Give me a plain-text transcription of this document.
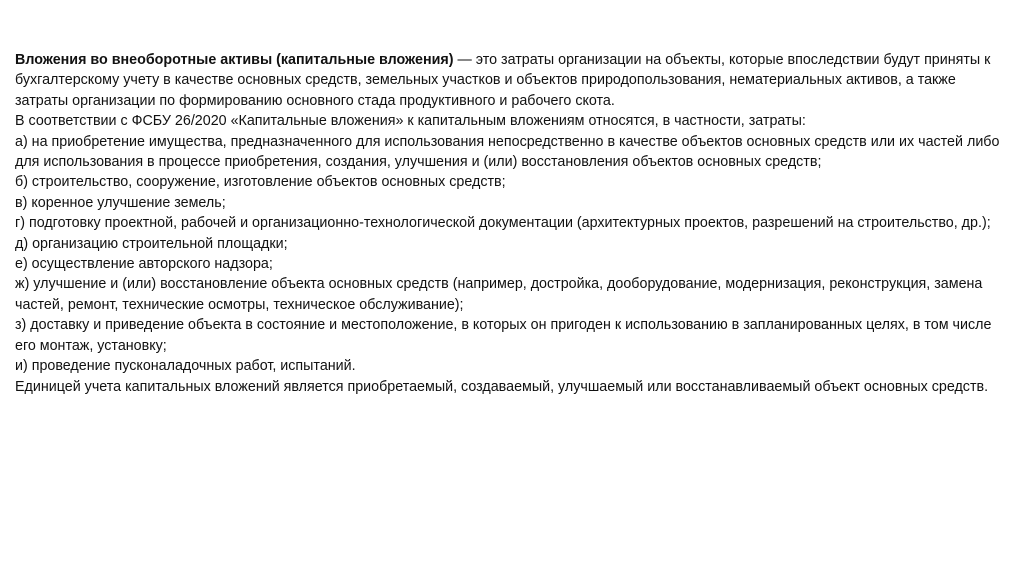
Вложения во внеоборотные активы (капитальные вложения) — это затраты организации на объекты, которые впоследствии будут приняты к бухгалтерскому учету в качестве основных средств, земельных участков и объектов природопользования, нематериальных активов, а также затраты организации по формированию основного стада продуктивного и рабочего скота.

В соответствии с ФСБУ 26/2020 «Капитальные вложения» к капитальным вложениям относятся, в частности, затраты:

а) на приобретение имущества, предназначенного для использования непосредственно в качестве объектов основных средств или их частей либо для использования в процессе приобретения, создания, улучшения и (или) восстановления объектов основных средств;

б) строительство, сооружение, изготовление объектов основных средств;

в) коренное улучшение земель;

г) подготовку проектной, рабочей и организационно-технологической документации (архитектурных проектов, разрешений на строительство, др.);

д) организацию строительной площадки;

е) осуществление авторского надзора;

ж) улучшение и (или) восстановление объекта основных средств (например, достройка, дооборудование, модернизация, реконструкция, замена частей, ремонт, технические осмотры, техническое обслуживание);

з) доставку и приведение объекта в состояние и местоположение, в которых он пригоден к использованию в запланированных целях, в том числе его монтаж, установку;

и) проведение пусконаладочных работ, испытаний.

Единицей учета капитальных вложений является приобретаемый, создаваемый, улучшаемый или восстанавливаемый объект основных средств.
